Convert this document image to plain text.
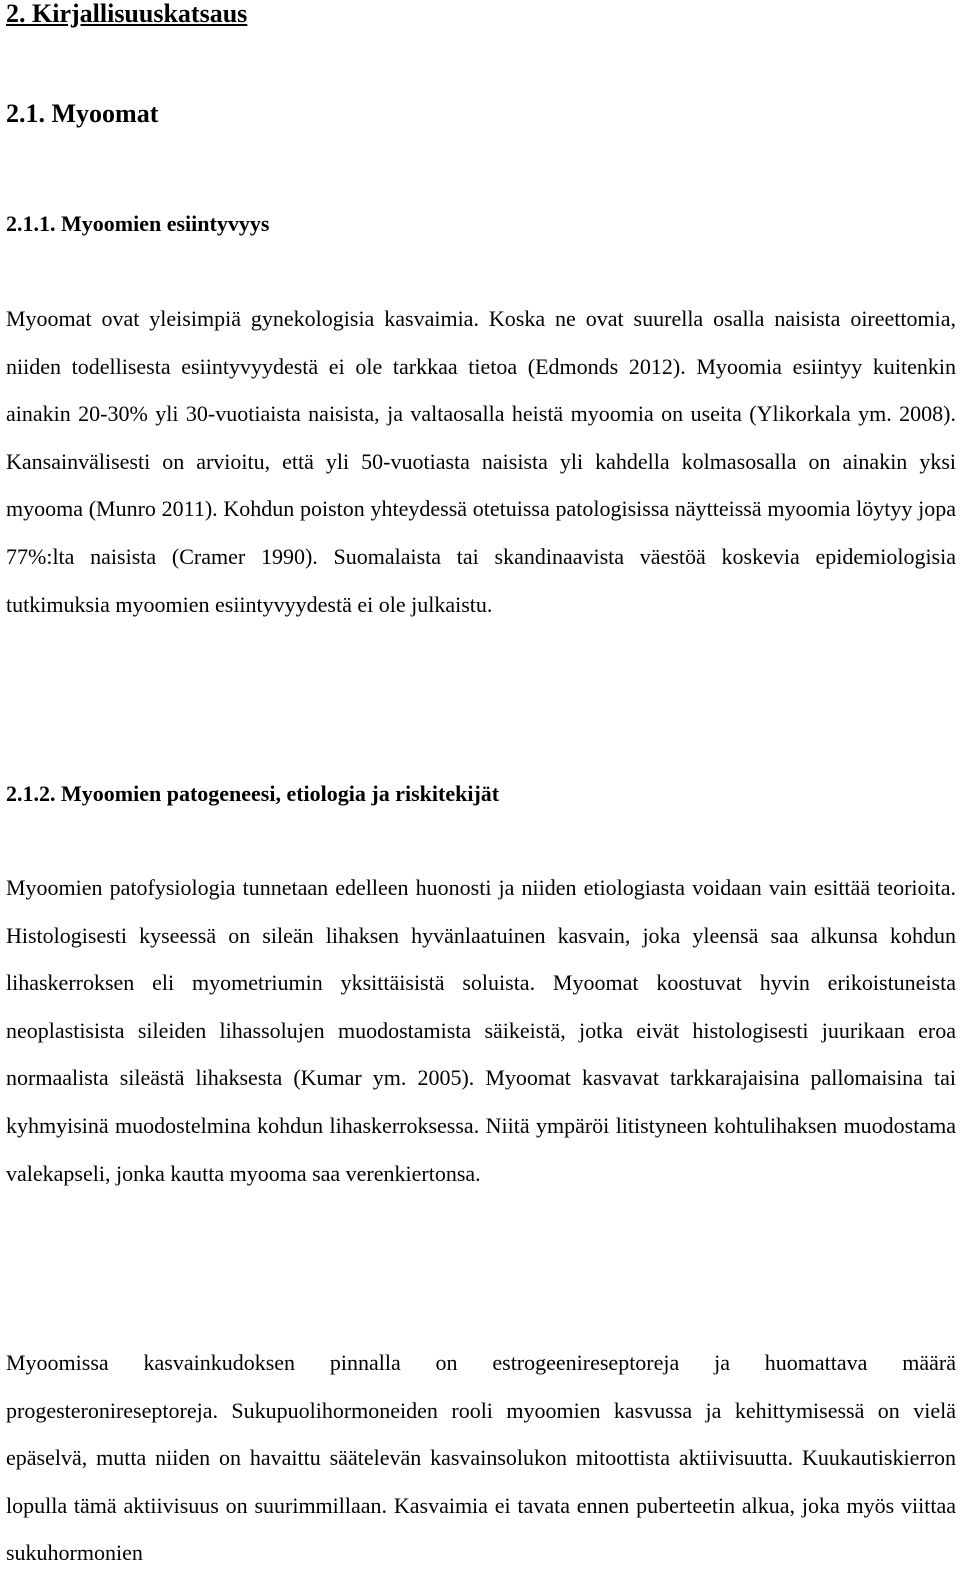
2. Kirjallisuuskatsaus
2.1. Myoomat
2.1.1. Myoomien esiintyvyys

Myoomat ovat yleisimpiä gynekologisia kasvaimia. Koska ne ovat suurella osalla naisista oireettomia, niiden todellisesta esiintyvyydestä ei ole tarkkaa tietoa (Edmonds 2012). Myoomia esiintyy kuitenkin ainakin 20-30% yli 30-vuotiaista naisista, ja valtaosalla heistä myoomia on useita (Ylikorkala ym. 2008). Kansainvälisesti on arvioitu, että yli 50-vuotiasta naisista yli kahdella kolmasosalla on ainakin yksi myooma (Munro 2011). Kohdun poiston yhteydessä otetuissa patologisissa näytteissä myoomia löytyy jopa 77%:lta naisista (Cramer 1990). Suomalaista tai skandinaavista väestöä koskevia epidemiologisia tutkimuksia myoomien esiintyvyydestä ei ole julkaistu.

2.1.2. Myoomien patogeneesi, etiologia ja riskitekijät

Myoomien patofysiologia tunnetaan edelleen huonosti ja niiden etiologiasta voidaan vain esittää teorioita. Histologisesti kyseessä on sileän lihaksen hyvänlaatuinen kasvain, joka yleensä saa alkunsa kohdun lihaskerroksen eli myometriumin yksittäisistä soluista. Myoomat koostuvat hyvin erikoistuneista neoplastisista sileiden lihassolujen muodostamista säikeistä, jotka eivät histologisesti juurikaan eroa normaalista sileästä lihaksesta (Kumar ym. 2005). Myoomat kasvavat tarkkarajaisina pallomaisina tai kyhmyisinä muodostelmina kohdun lihaskerroksessa. Niitä ympäröi litistyneen kohtulihaksen muodostama valekapseli, jonka kautta myooma saa verenkiertonsa.

Myoomissa kasvainkudoksen pinnalla on estrogeenireseptoreja ja huomattava määrä progesteronireseptoreja. Sukupuolihormoneiden rooli myoomien kasvussa ja kehittymisessä on vielä epäselvä, mutta niiden on havaittu säätelevän kasvainsolukon mitoottista aktiivisuutta. Kuukautiskierron lopulla tämä aktiivisuus on suurimmillaan. Kasvaimia ei tavata ennen puberteetin alkua, joka myös viittaa sukuhormonien
